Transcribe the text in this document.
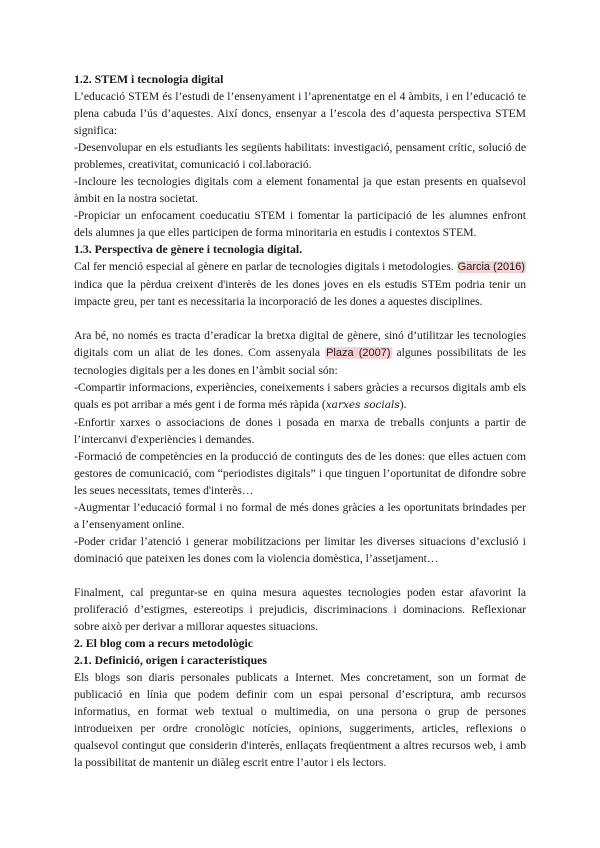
1.2. STEM i tecnologia digital

L’educació STEM és l’estudi de l’ensenyament i l’aprenentatge en el 4 àmbits, i en l’educació te plena cabuda l’ús d’aquestes. Així doncs, ensenyar a l’escola des d’aquesta perspectiva STEM significa:

-Desenvolupar en els estudiants les següents habilitats: investigació, pensament crític, solució de problemes, creativitat, comunicació i col.laboració.

-Incloure les tecnologies digitals com a element fonamental ja que estan presents en qualsevol àmbit en la nostra societat.

-Propiciar un enfocament coeducatiu STEM i fomentar la participació de les alumnes enfront dels alumnes ja que elles participen de forma minoritaria en estudis i contextos STEM.

1.3. Perspectiva de gènere i tecnologia digital.

Cal fer menció especial al gènere en parlar de tecnologies digitals i metodologies. Garcia (2016) indica que la pèrdua creixent d'interès de les dones joves en els estudis STEm podria tenir un impacte greu, per tant es necessitaria la incorporació de les dones a aquestes disciplines.

Ara bé, no només es tracta d’eradicar la bretxa digital de gènere, sinó d’utilitzar les tecnologies digitals com un aliat de les dones. Com assenyala Plaza (2007) algunes possibilitats de les tecnologies digitals per a les dones en l’àmbit social són:

-Compartir informacions, experiències, coneixements i sabers gràcies a recursos digitals amb els quals es pot arribar a més gent i de forma més ràpida (xarxes socials).

-Enfortir xarxes o associacions de dones i posada en marxa de treballs conjunts a partir de l’intercanvi d'experiències i demandes.

-Formació de competències en la producció de continguts des de les dones: que elles actuen com gestores de comunicació, com “periodistes digitals” i que tinguen l’oportunitat de difondre sobre les seues necessitats, temes d'interès…

-Augmentar l’educació formal i no formal de més dones gràcies a les oportunitats brindades per a l’ensenyament online.

-Poder cridar l’atenció i generar mobilitzacions per limitar les diverses situacions d’exclusió i dominació que pateixen les dones com la violencia domèstica, l’assetjament…

Finalment, cal preguntar-se en quina mesura aquestes tecnologies poden estar afavorint la proliferació d’estigmes, estereotips i prejudicis, discriminacions i dominacions. Reflexionar sobre això per derivar a millorar aquestes situacions.

2. El blog com a recurs metodològic
2.1. Definició, origen i característiques

Els blogs son diaris personales publicats a Internet. Mes concretament, son un format de publicació en línia que podem definir com un espai personal d’escriptura, amb recursos informatius, en format web textual o multimedia, on una persona o grup de persones introdueixen per ordre cronològic notícies, opinions, suggeriments, articles, reflexions o qualsevol contingut que considerin d'interès, enllaçats freqüentment a altres recursos web, i amb la possibilitat de mantenir un diàleg escrit entre l’autor i els lectors.
